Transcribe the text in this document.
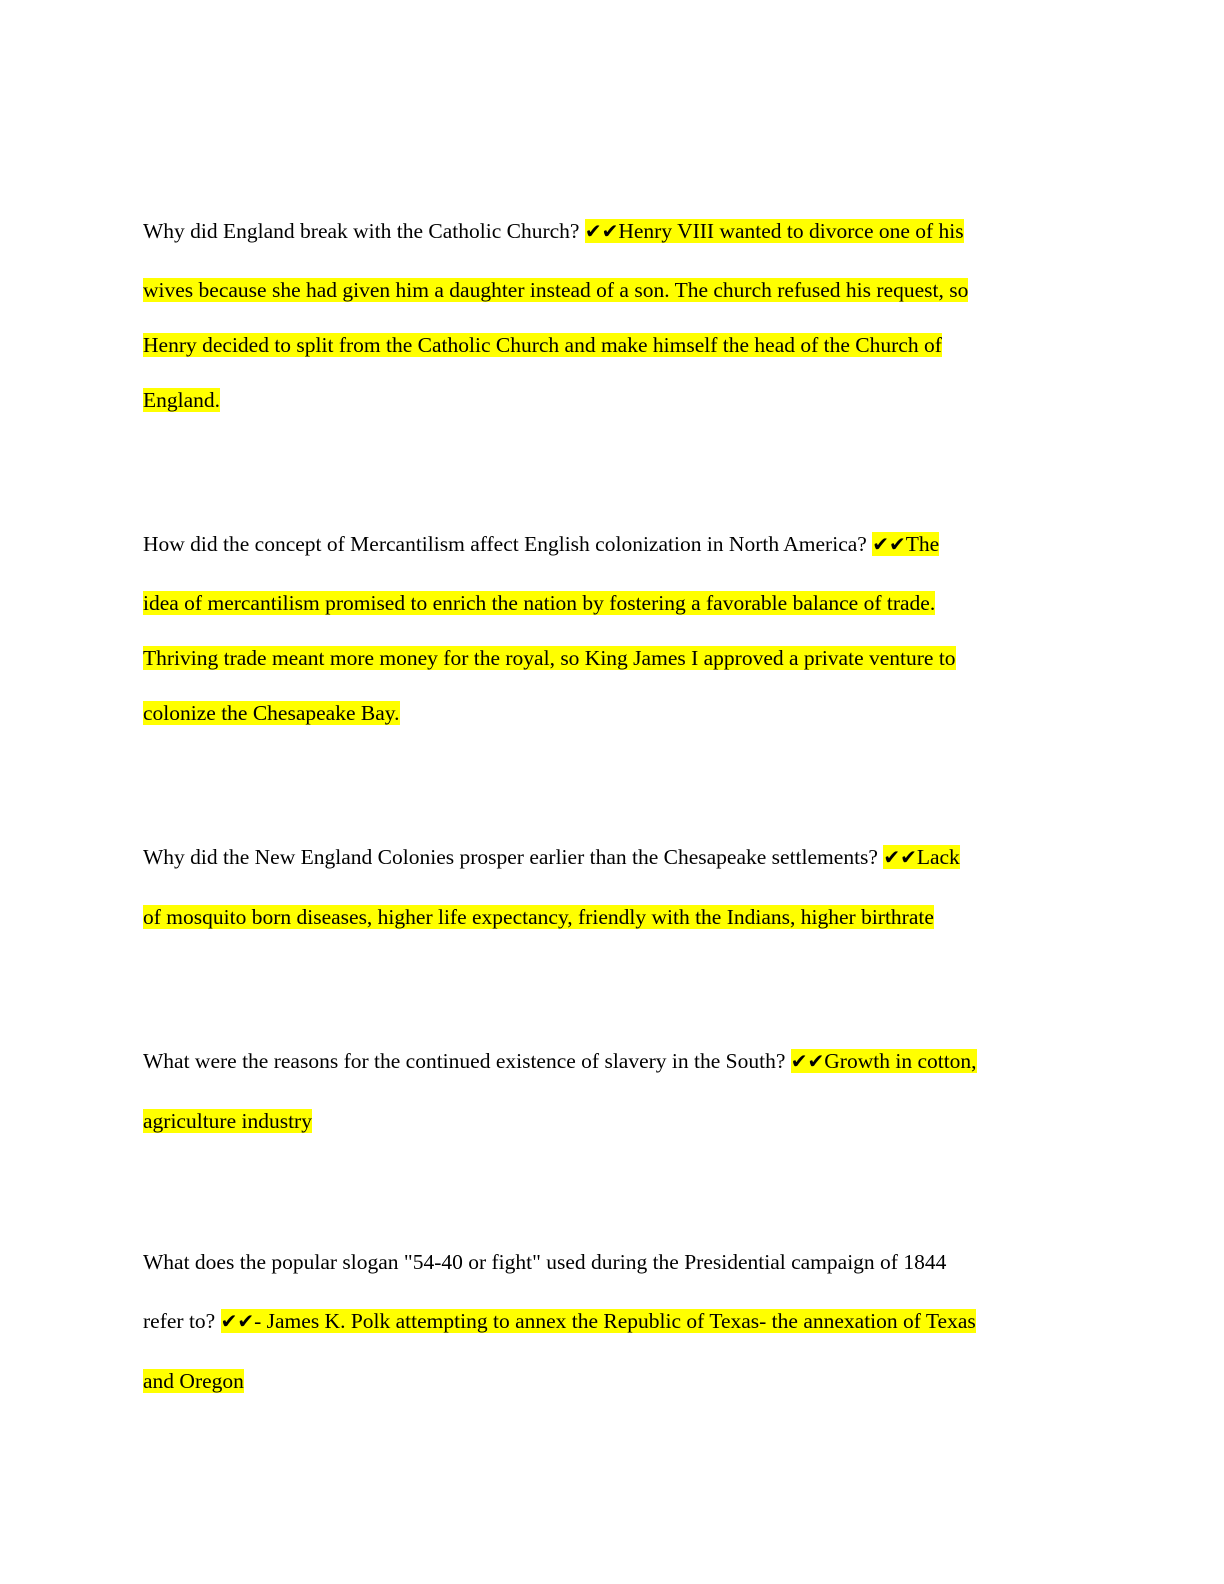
Why did England break with the Catholic Church? ✔✔Henry VIII wanted to divorce one of his
wives because she had given him a daughter instead of a son. The church refused his request, so
Henry decided to split from the Catholic Church and make himself the head of the Church of
England.
How did the concept of Mercantilism affect English colonization in North America? ✔✔The
idea of mercantilism promised to enrich the nation by fostering a favorable balance of trade.
Thriving trade meant more money for the royal, so King James I approved a private venture to
colonize the Chesapeake Bay.
Why did the New England Colonies prosper earlier than the Chesapeake settlements? ✔✔Lack
of mosquito born diseases, higher life expectancy, friendly with the Indians, higher birthrate
What were the reasons for the continued existence of slavery in the South? ✔✔Growth in cotton,
agriculture industry
What does the popular slogan "54-40 or fight" used during the Presidential campaign of 1844
refer to? ✔✔- James K. Polk attempting to annex the Republic of Texas- the annexation of Texas
and Oregon
